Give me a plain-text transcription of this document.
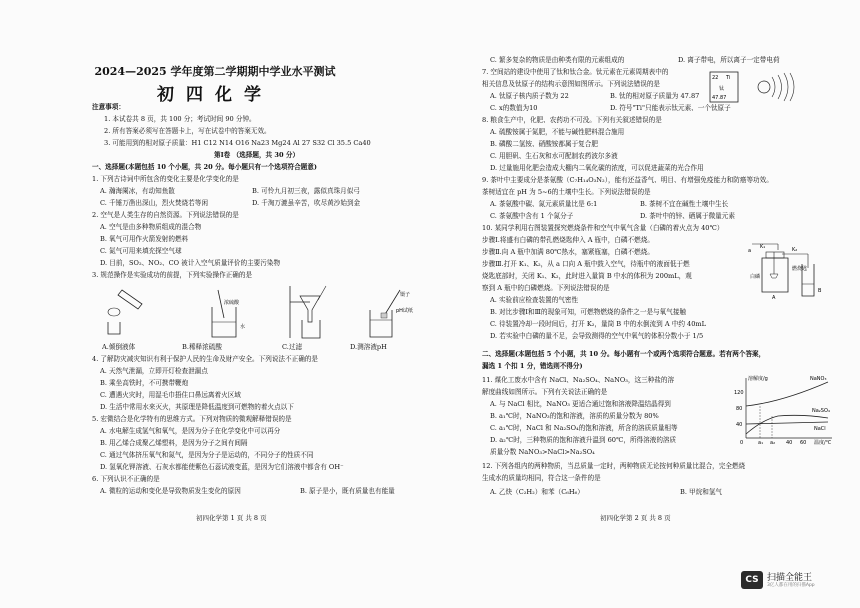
2024—2025 学年度第二学期期中学业水平测试
初四化学
注意事项：
1. 本试卷共 8 页，共 100 分；考试时间 90 分钟。
2. 所有答案必须写在答题卡上，写在试卷中的答案无效。
3. 可能用到的相对原子质量：H1 C12 N14 O16 Na23 Mg24 Al 27 S32 Cl 35.5 Ca40
第Ⅰ卷 （选择题，共 30 分）
一、选择题(本题包括 10 个小题，共 20 分。每小题只有一个选项符合题意)
1. 下列古诗词中所包含的变化主要是化学变化的是
A. 瀚海阑冰，有动知鱼散	B. 可怜九月初三夜，露似真珠月似弓
C. 千锤万凿出深山，烈火焚烧若等闲	D. 千淘万漉虽辛苦，吹尽黄沙始到金
2. 空气是人类生存的自然资源。下列说法错误的是
A. 空气是由多种物质组成的混合物
B. 氧气可用作火箭发射的燃料
C. 氮气可用来填充探空气球
D. 目前，SO₂、NO₂、CO 被计入空气质量评价的主要污染物
3. 规范操作是实验成功的前提，下列实验操作正确的是
浓硫酸
水
镊子
pH试纸
A.倾倒液体	B.稀释浓硫酸	C.过滤	D.测溶液pH
4. 了解防灾减灾知识有利于保护人民的生命及财产安全。下列说法不正确的是
A. 天然气泄漏，立即开灯检查泄漏点
B. 乘坐高铁时，不可携带鞭炮
C. 遭遇火灾时，用湿毛巾捂住口鼻远离着火区域
D. 生活中常用水来灭火，其原理是降低温度到可燃物的着火点以下
5. 宏微结合是化学特有的思维方式。下列对物质的微观解释错误的是
A. 水电解生成氢气和氧气，是因为分子在化学变化中可以再分
B. 用乙烯合成聚乙烯塑料，是因为分子之间有间隔
C. 通过气体挤压氧气和氮气，是因为分子是运动的，不同分子的性质不同
D. 氢氧化钾溶液、石灰水都能使紫色石蕊试液变蓝，是因为它们溶液中都含有 OH⁻
6. 下列认识不正确的是
A. 微粒的运动和变化是导致物质发生变化的原因	B. 原子是小，既有质量也有能量
初四化学第 1 页 共 8 页
C. 繁多复杂的物质是由种类有限的元素组成的	D. 离子带电，所以离子一定带电荷
7. 空间站的建设中使用了钛和钛合金。钛元素在元素周期表中的
相关信息及钛原子的结构示意图如图所示。下列说法错误的是
A. 钛原子核内质子数为 22	B. 钛的相对原子质量为 47.87
C. x的数值为10	D. 符号"Ti"只能表示钛元素、一个钛原子
22 Ti
钛
47.87
8. 粮食生产中，化肥、农药功不可没。下列有关叙述错误的是
A. 硫酸铵属于氮肥，不能与碱性肥料混合施用
B. 磷酸二氢铵、硝酸铵都属于复合肥
C. 用胆矾、生石灰和水可配制农药波尔多液
D. 过量施用化肥会造成大棚内二氧化碳的浓度，可以促进蔬菜的光合作用
9. 茶叶中主要成分是茶氨酸（C₇H₁₄O₃N₂），能有还益香气、明目、有增强免疫能力和防癌等功效。
茶树适宜在 pH 为 5~6的土壤中生长。下列说法错误的是
A. 茶氨酸中碳、氮元素质量比是 6:1	B. 茶树不宜在碱性土壤中生长
C. 茶氨酸中含有 1 个氮分子	D. 茶叶中的锌、硒属于微量元素
10. 某同学利用右图装置探究燃烧条件和空气中氧气含量（白磷的着火点为 40℃）
步骤Ⅰ.将盛有白磷的带孔燃烧匙伸入 A 瓶中，白磷不燃烧。
步骤Ⅱ.向 A 瓶中加满 80℃热水，塞紧瓶塞，白磷不燃烧。
步骤Ⅲ.打开 K₁、K₂，从 a 口向 A 瓶中鼓入空气，待瓶中的液面低于燃
烧匙底部时，关闭 K₁、K₂，此时进入量筒 B 中水的体积为 200mL，观
察到 A 瓶中的白磷燃烧。下列说法错误的是
K₁	K₂
a
白磷
A
B
燃烧匙
A. 实验前应检查装置的气密性
B. 对比步骤Ⅰ和Ⅲ的现象可知，可燃物燃烧的条件之一是与氧气接触
C. 待装置冷却一段时间后，打开 K₂，量筒 B 中的水倒流到 A 中约 40mL
D. 若实验中白磷的量不足，会导致测得的空气中氧气的体积分数小于 1/5
二、选择题(本题包括 5 个小题，共 10 分。每小题有一个或两个选项符合题意。若有两个答案，
漏选 1 个扣 1 分，错选则不得分)
11. 煤化工废水中含有 NaCl、Na₂SO₄、NaNO₃，这三种盐的溶
解度曲线如图所示。下列有关说法正确的是
A. 与 NaCl 相比，NaNO₃ 更适合通过饱和溶液降温结晶得到
B. a₁℃时，NaNO₃的饱和溶液，溶质的质量分数为 80%
C. a₁℃时，NaCl 和 Na₂SO₄的饱和溶液，所含的溶质质量相等
D. a₂℃时，三种物质的饱和溶液升温到 60℃，所得溶液的溶质
质量分数 NaNO₃>NaCl>Na₂SO₄
溶解度/g
120
80
40
0	a₁ a₂ 40 60 温度/℃
NaNO₃
Na₂SO₄
NaCl
12. 下列各组内的两种物质，当总质量一定时，两种物质无论按何种质量比混合，完全燃烧
生成水的质量均相同，符合这一条件的是
A. 乙炔（C₂H₂）和苯（C₆H₆）	B. 甲烷和氢气
初四化学第 2 页 共 8 页
CS 扫描全能王
3亿人都在用的扫描App
